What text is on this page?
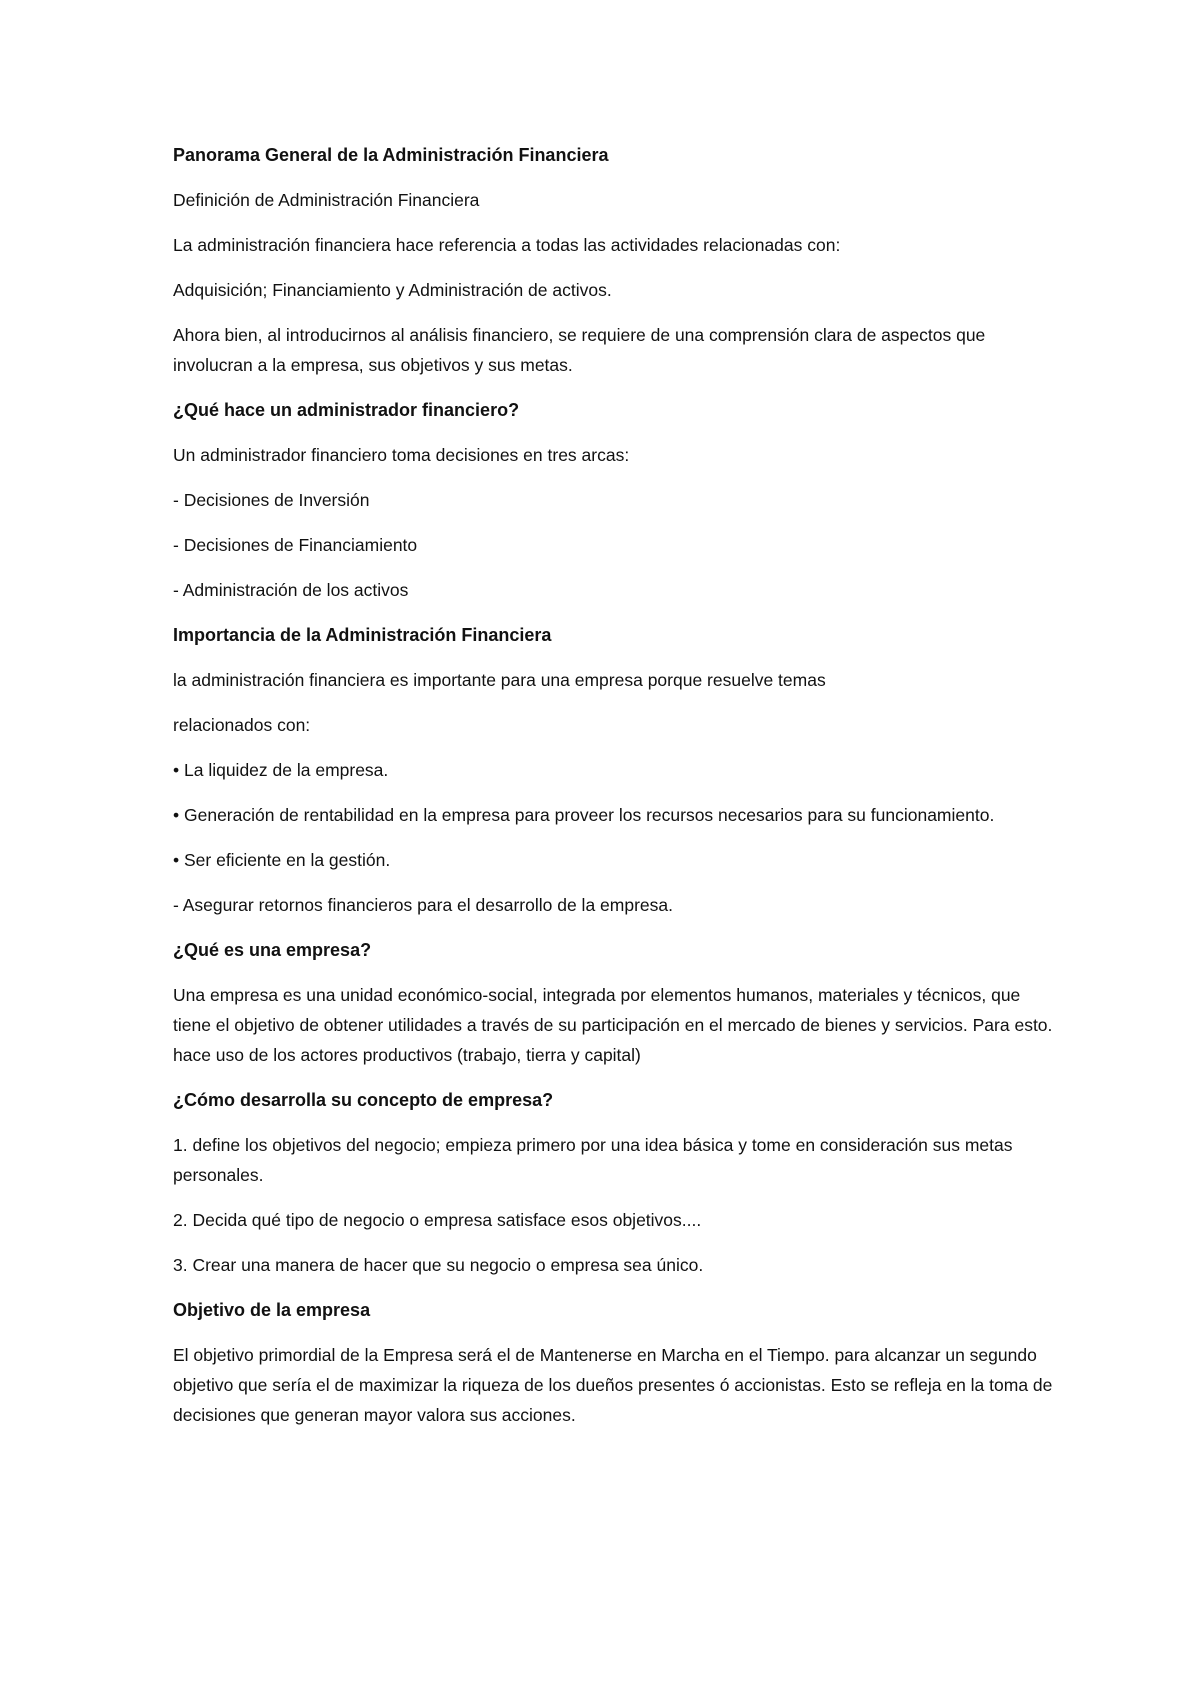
Panorama General de la Administración Financiera
Definición de Administración Financiera
La administración financiera hace referencia a todas las actividades relacionadas con:
Adquisición; Financiamiento y Administración de activos.
Ahora bien, al introducirnos al análisis financiero, se requiere de una comprensión clara de aspectos que involucran a la empresa, sus objetivos y sus metas.
¿Qué hace un administrador financiero?
Un administrador financiero toma decisiones en tres arcas:
- Decisiones de Inversión
- Decisiones de Financiamiento
- Administración de los activos
Importancia de la Administración Financiera
la administración financiera es importante para una empresa porque resuelve temas
relacionados con:
• La liquidez de la empresa.
• Generación de rentabilidad en la empresa para proveer los recursos necesarios para su funcionamiento.
• Ser eficiente en la gestión.
- Asegurar retornos financieros para el desarrollo de la empresa.
¿Qué es una empresa?
Una empresa es una unidad económico-social, integrada por elementos humanos, materiales y técnicos, que tiene el objetivo de obtener utilidades a través de su participación en el mercado de bienes y servicios. Para esto. hace uso de los actores productivos (trabajo, tierra y capital)
¿Cómo desarrolla su concepto de empresa?
1. define los objetivos del negocio; empieza primero por una idea básica y tome en consideración sus metas personales.
2. Decida qué tipo de negocio o empresa satisface esos objetivos....
3. Crear una manera de hacer que su negocio o empresa sea único.
Objetivo de la empresa
El objetivo primordial de la Empresa será el de Mantenerse en Marcha en el Tiempo. para alcanzar un segundo objetivo que sería el de maximizar la riqueza de los dueños presentes ó accionistas. Esto se refleja en la toma de decisiones que generan mayor valora sus acciones.
